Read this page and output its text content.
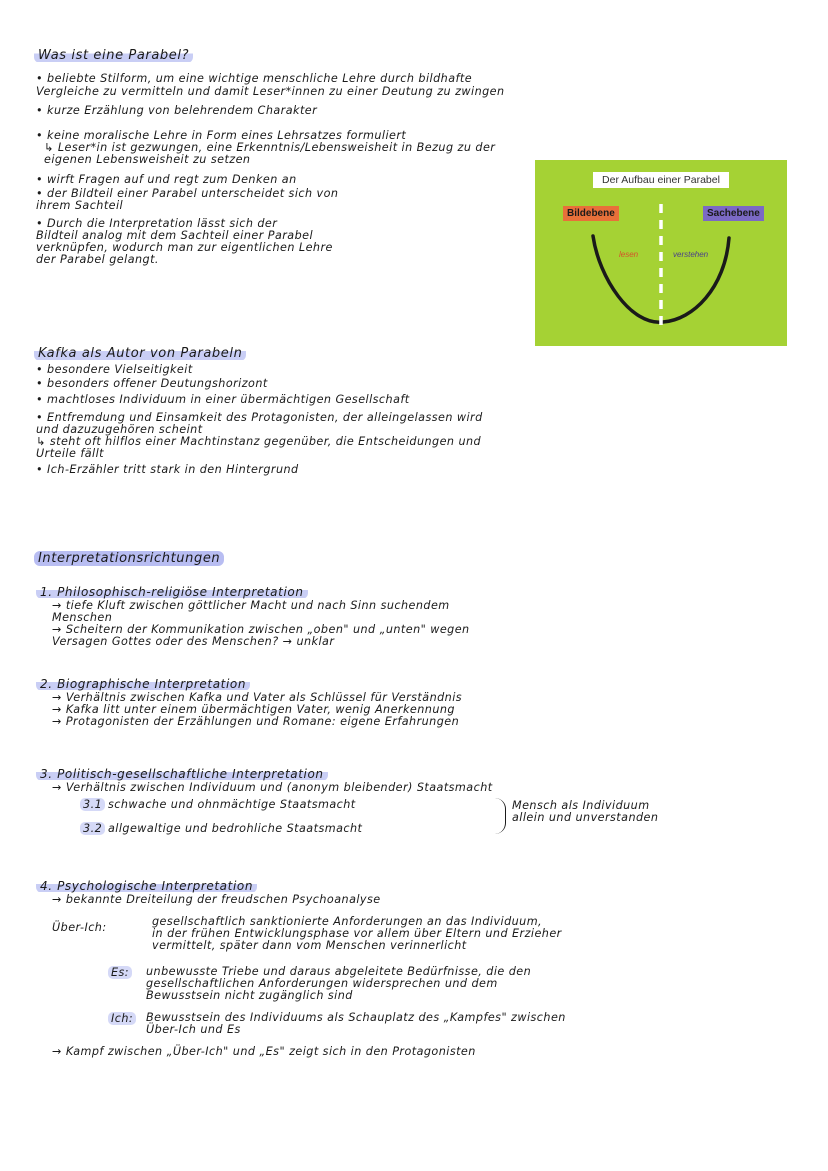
Was ist eine Parabel?
• beliebte Stilform, um eine wichtige menschliche Lehre durch bildhafte
Vergleiche zu vermitteln und damit Leser*innen zu einer Deutung zu zwingen
• kurze Erzählung von belehrendem Charakter
• keine moralische Lehre in Form eines Lehrsatzes formuliert
↳ Leser*in ist gezwungen, eine Erkenntnis/Lebensweisheit in Bezug zu der
eigenen Lebensweisheit zu setzen
• wirft Fragen auf und regt zum Denken an
• der Bildteil einer Parabel unterscheidet sich von
ihrem Sachteil
• Durch die Interpretation lässt sich der
Bildteil analog mit dem Sachteil einer Parabel
verknüpfen, wodurch man zur eigentlichen Lehre
der Parabel gelangt.
Der Aufbau einer Parabel
Bildebene	Sachebene
lesen	verstehen
Kafka als Autor von Parabeln
• besondere Vielseitigkeit
• besonders offener Deutungshorizont
• machtloses Individuum in einer übermächtigen Gesellschaft
• Entfremdung und Einsamkeit des Protagonisten, der alleingelassen wird
und dazuzugehören scheint
↳ steht oft hilflos einer Machtinstanz gegenüber, die Entscheidungen und
Urteile fällt
• Ich-Erzähler tritt stark in den Hintergrund
Interpretationsrichtungen
1. Philosophisch-religiöse Interpretation
→ tiefe Kluft zwischen göttlicher Macht und nach Sinn suchendem
Menschen
→ Scheitern der Kommunikation zwischen „oben" und „unten" wegen
Versagen Gottes oder des Menschen? → unklar
2. Biographische Interpretation
→ Verhältnis zwischen Kafka und Vater als Schlüssel für Verständnis
→ Kafka litt unter einem übermächtigen Vater, wenig Anerkennung
→ Protagonisten der Erzählungen und Romane: eigene Erfahrungen
3. Politisch-gesellschaftliche Interpretation
→ Verhältnis zwischen Individuum und (anonym bleibender) Staatsmacht
3.1 schwache und ohnmächtige Staatsmacht
3.2 allgewaltige und bedrohliche Staatsmacht
Mensch als Individuum
allein und unverstanden
4. Psychologische Interpretation
→ bekannte Dreiteilung der freudschen Psychoanalyse
Über-Ich:	gesellschaftlich sanktionierte Anforderungen an das Individuum,
in der frühen Entwicklungsphase vor allem über Eltern und Erzieher
vermittelt, später dann vom Menschen verinnerlicht
Es: unbewusste Triebe und daraus abgeleitete Bedürfnisse, die den
gesellschaftlichen Anforderungen widersprechen und dem
Bewusstsein nicht zugänglich sind
Ich: Bewusstsein des Individuums als Schauplatz des „Kampfes" zwischen
Über-Ich und Es
→ Kampf zwischen „Über-Ich" und „Es" zeigt sich in den Protagonisten
